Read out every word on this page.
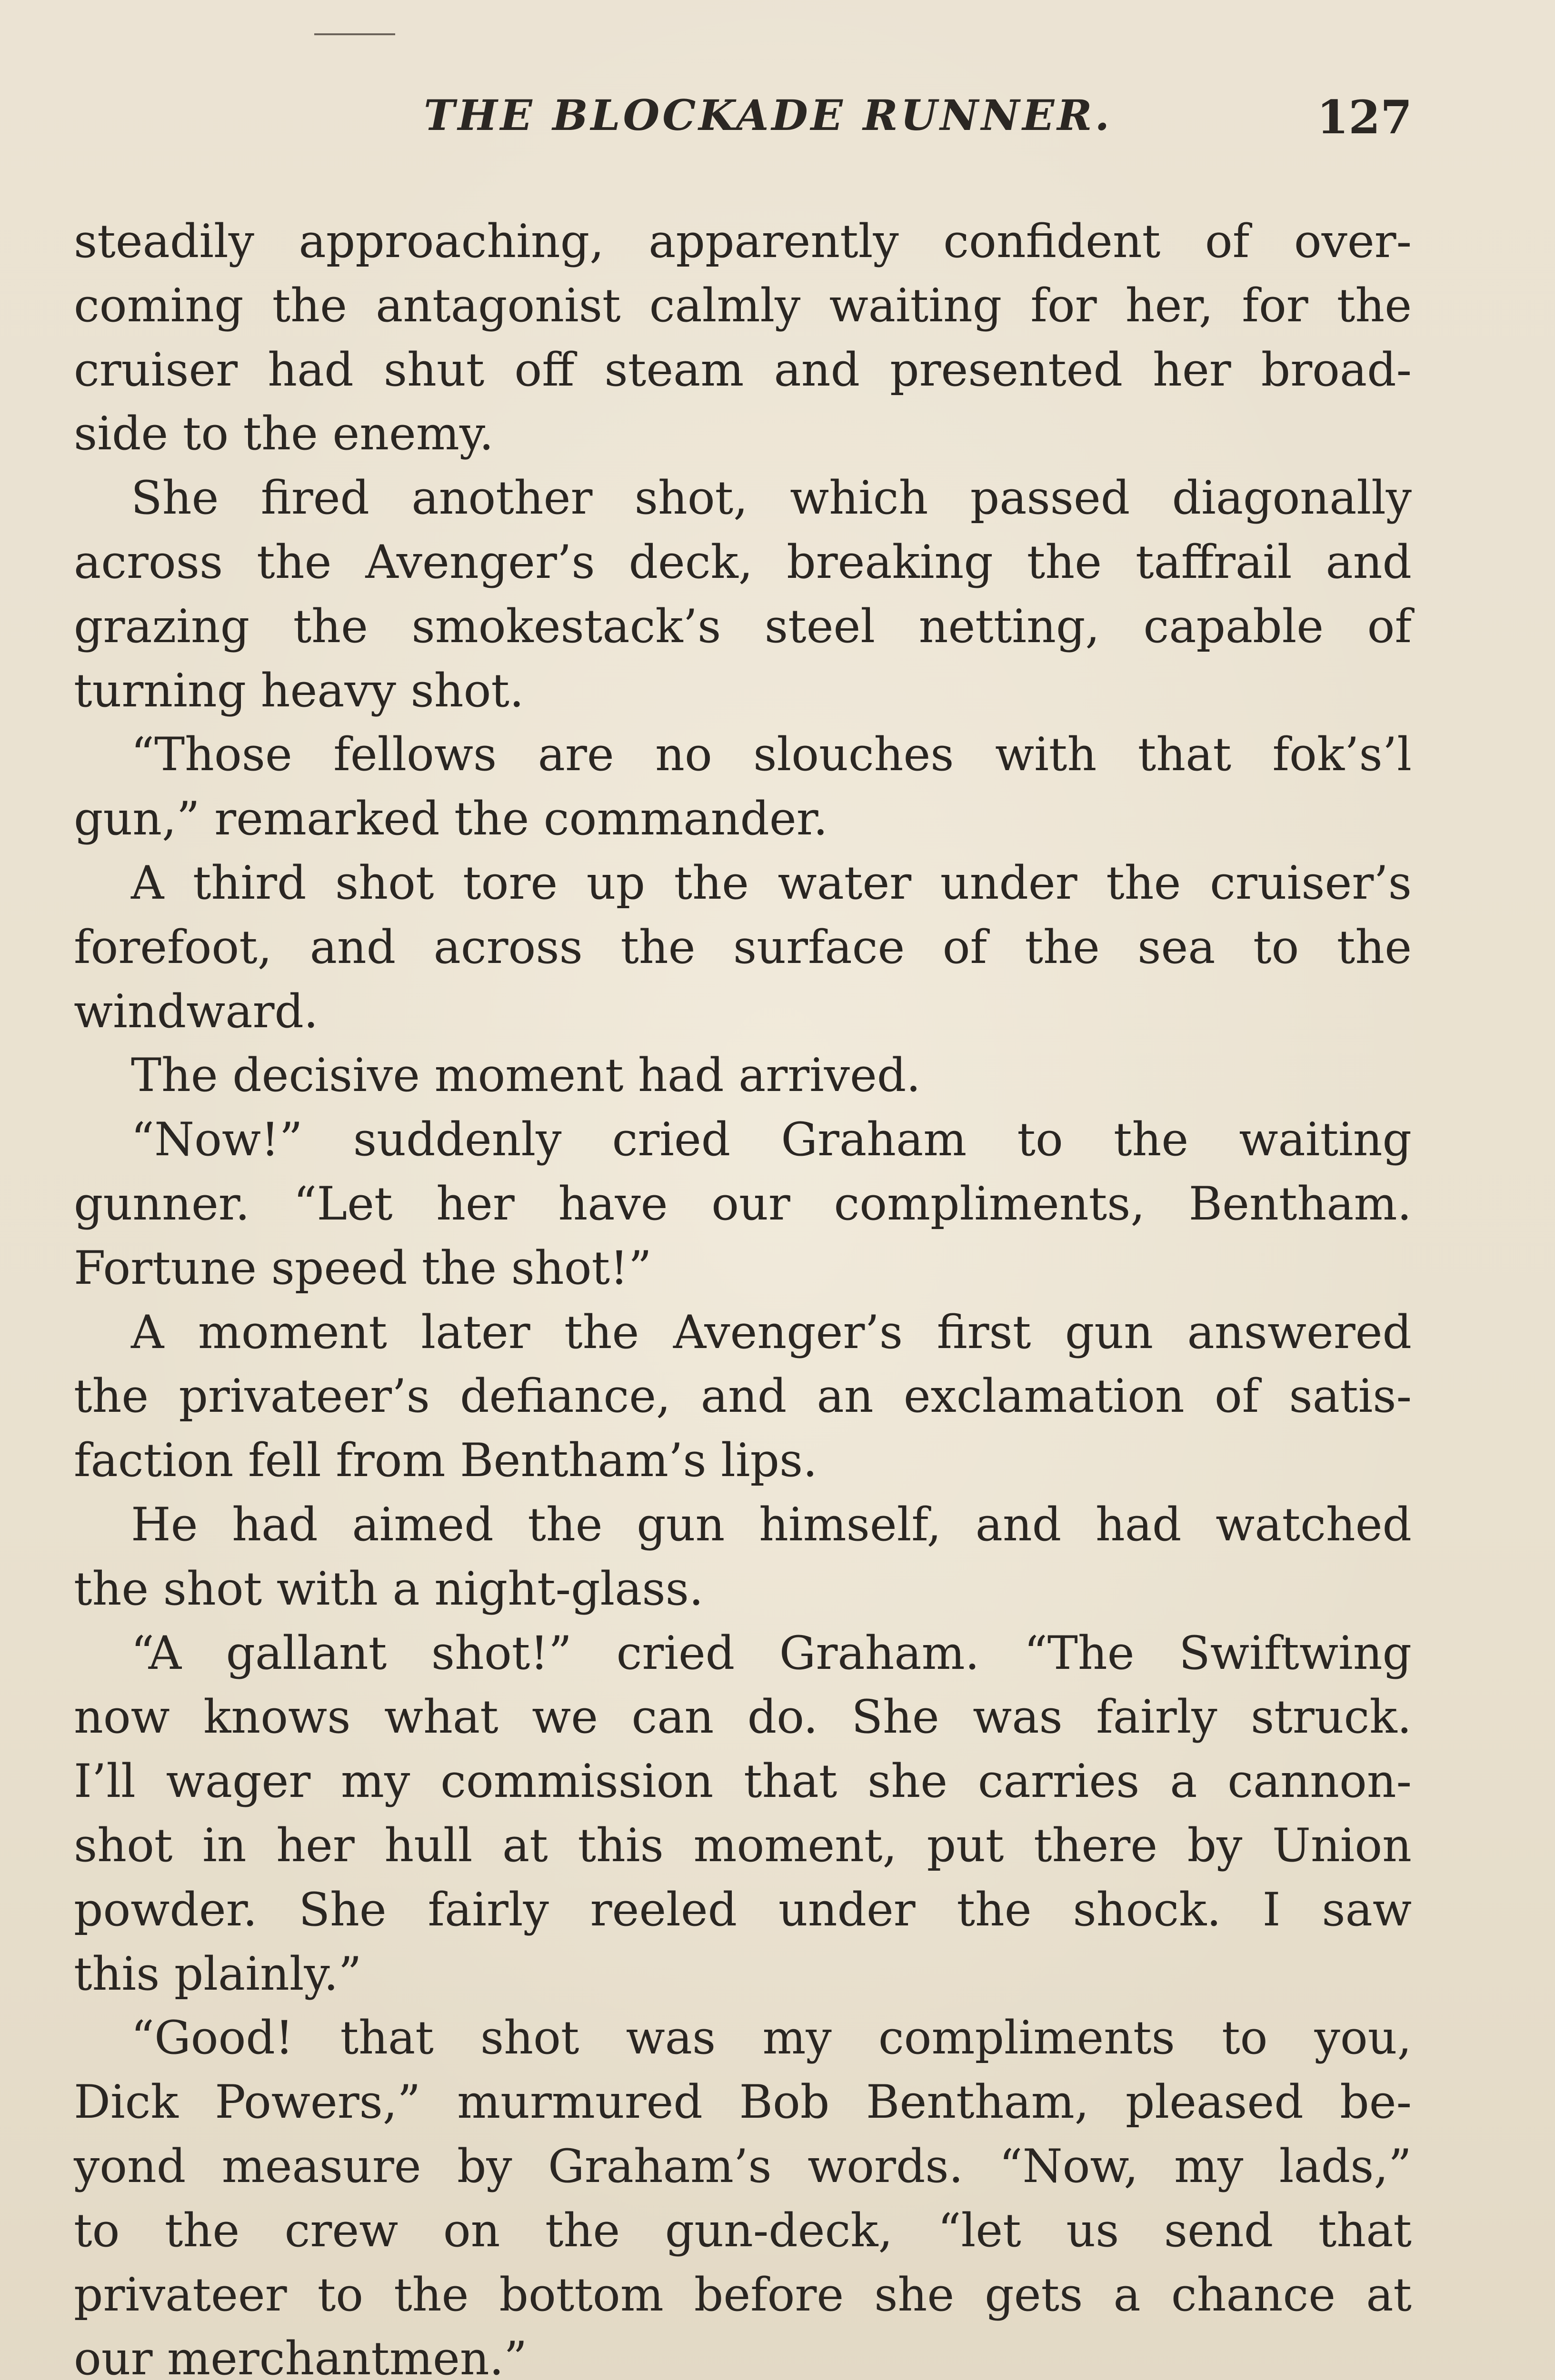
THE BLOCKADE RUNNER.	127
steadily approaching, apparently confident of over-
coming the antagonist calmly waiting for her, for the
cruiser had shut off steam and presented her broad-
side to the enemy.
She fired another shot, which passed diagonally
across the Avenger’s deck, breaking the taffrail and
grazing the smokestack’s steel netting, capable of
turning heavy shot.
“Those fellows are no slouches with that fok’s’l
gun,” remarked the commander.
A third shot tore up the water under the cruiser’s
forefoot, and across the surface of the sea to the
windward.
The decisive moment had arrived.
“Now!” suddenly cried Graham to the waiting
gunner. “Let her have our compliments, Bentham.
Fortune speed the shot!”
A moment later the Avenger’s first gun answered
the privateer’s defiance, and an exclamation of satis-
faction fell from Bentham’s lips.
He had aimed the gun himself, and had watched
the shot with a night-glass.
“A gallant shot!” cried Graham. “The Swiftwing
now knows what we can do. She was fairly struck.
I’ll wager my commission that she carries a cannon-
shot in her hull at this moment, put there by Union
powder. She fairly reeled under the shock. I saw
this plainly.”
“Good! that shot was my compliments to you,
Dick Powers,” murmured Bob Bentham, pleased be-
yond measure by Graham’s words. “Now, my lads,”
to the crew on the gun-deck, “let us send that
privateer to the bottom before she gets a chance at
our merchantmen.”
